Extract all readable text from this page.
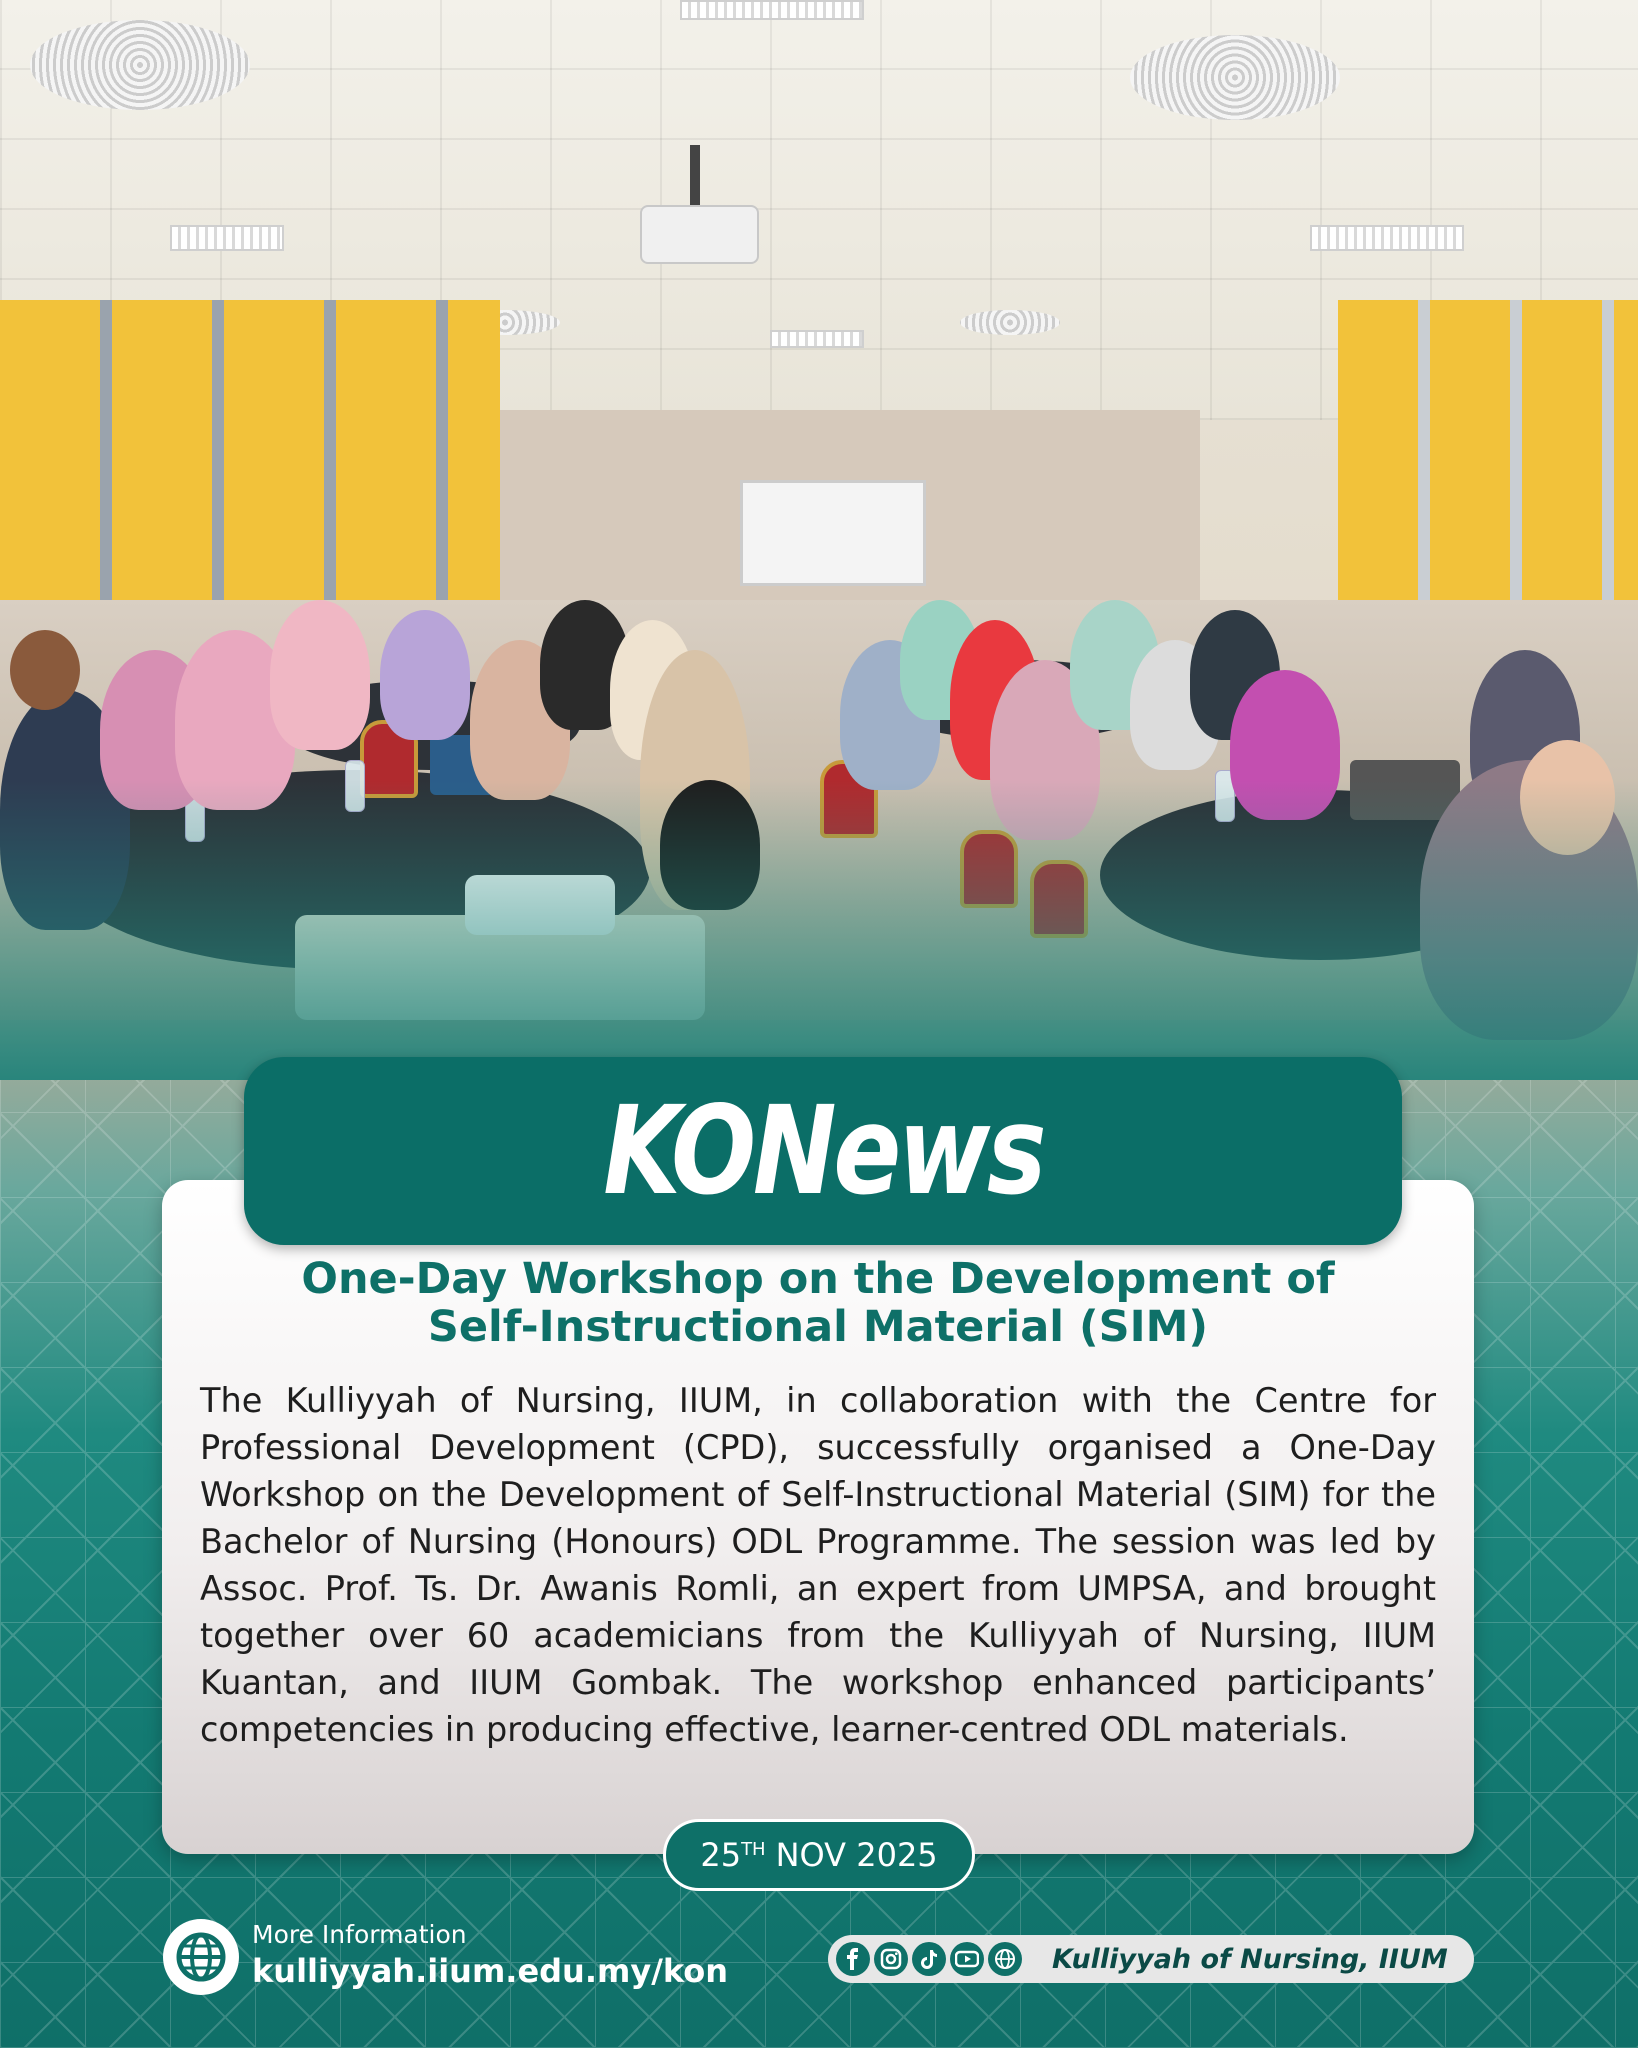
KONews
One-Day Workshop on the Development of
Self-Instructional Material (SIM)

The Kulliyyah of Nursing, IIUM, in collaboration with the Centre for Professional Development (CPD), successfully organised a One-Day Workshop on the Development of Self-Instructional Material (SIM) for the Bachelor of Nursing (Honours) ODL Programme. The session was led by Assoc. Prof. Ts. Dr. Awanis Romli, an expert from UMPSA, and brought together over 60 academicians from the Kulliyyah of Nursing, IIUM Kuantan, and IIUM Gombak. The workshop enhanced participants’ competencies in producing effective, learner-centred ODL materials.

25TH NOV 2025
More Information
kulliyyah.iium.edu.my/kon	Kulliyyah of Nursing, IIUM
